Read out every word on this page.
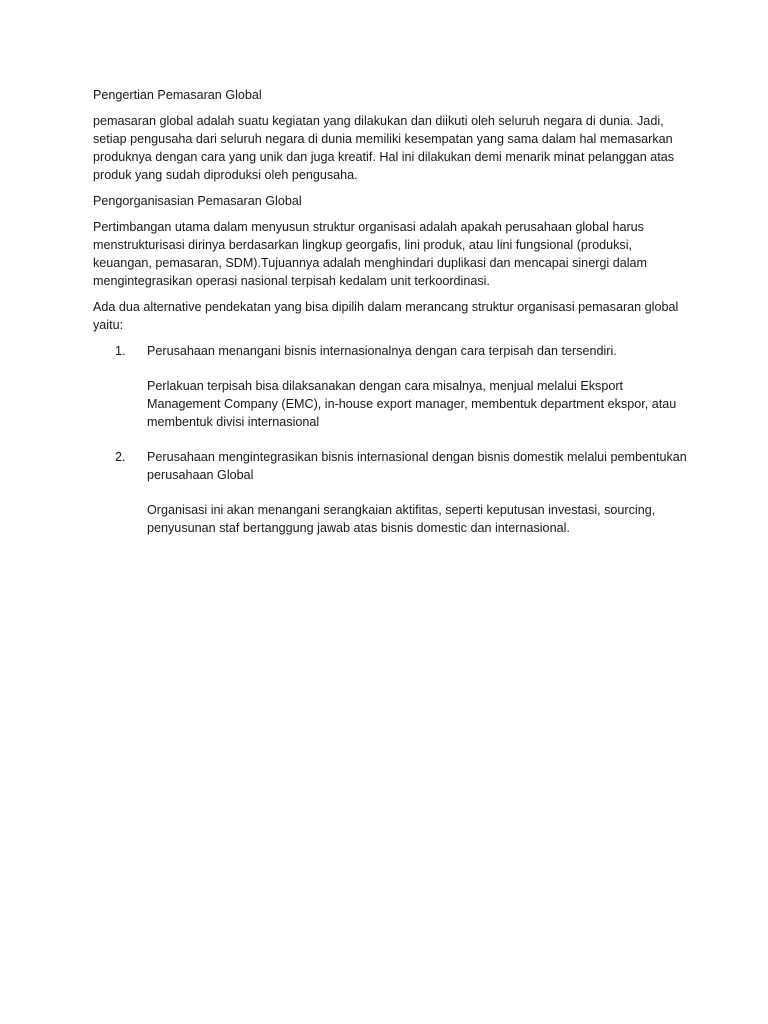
Pengertian Pemasaran Global

pemasaran global adalah suatu kegiatan yang dilakukan dan diikuti oleh seluruh negara di dunia. Jadi, setiap pengusaha dari seluruh negara di dunia memiliki kesempatan yang sama dalam hal memasarkan produknya dengan cara yang unik dan juga kreatif. Hal ini dilakukan demi menarik minat pelanggan atas produk yang sudah diproduksi oleh pengusaha.

Pengorganisasian Pemasaran Global

Pertimbangan utama dalam menyusun struktur organisasi adalah apakah perusahaan global harus menstrukturisasi dirinya berdasarkan lingkup georgafis, lini produk, atau lini fungsional (produksi, keuangan, pemasaran, SDM).Tujuannya adalah menghindari duplikasi dan mencapai sinergi dalam mengintegrasikan operasi nasional terpisah kedalam unit terkoordinasi.

Ada dua alternative pendekatan yang bisa dipilih dalam merancang struktur organisasi pemasaran global yaitu:

1. Perusahaan menangani bisnis internasionalnya dengan cara terpisah dan tersendiri.

Perlakuan terpisah bisa dilaksanakan dengan cara misalnya, menjual melalui Eksport Management Company (EMC), in-house export manager, membentuk department ekspor, atau membentuk divisi internasional

2. Perusahaan mengintegrasikan bisnis internasional dengan bisnis domestik melalui pembentukan perusahaan Global

Organisasi ini akan menangani serangkaian aktifitas, seperti keputusan investasi, sourcing, penyusunan staf bertanggung jawab atas bisnis domestic dan internasional.
